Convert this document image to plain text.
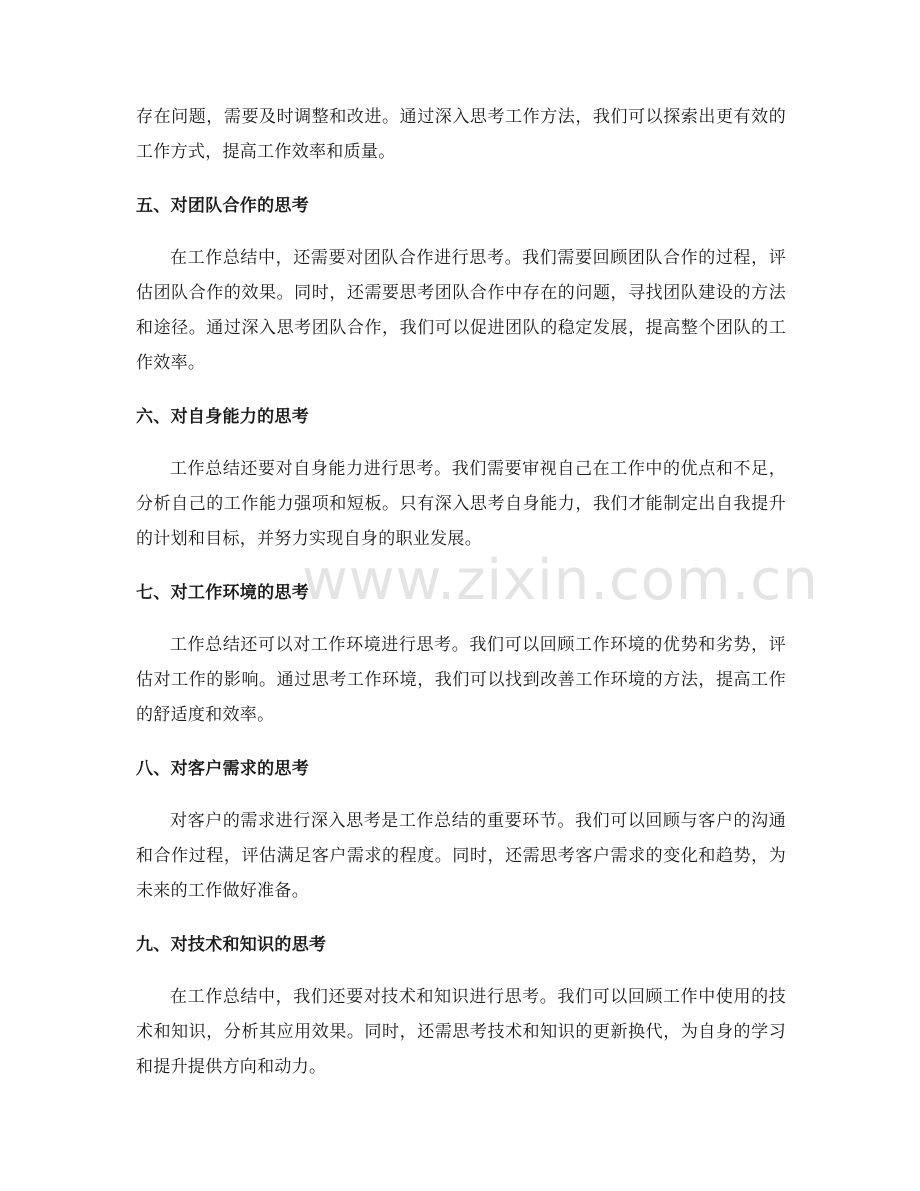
www.zixin.com.cn

存在问题，需要及时调整和改进。通过深入思考工作方法，我们可以探索出更有效的工作方式，提高工作效率和质量。

五、对团队合作的思考

在工作总结中，还需要对团队合作进行思考。我们需要回顾团队合作的过程，评估团队合作的效果。同时，还需要思考团队合作中存在的问题，寻找团队建设的方法和途径。通过深入思考团队合作，我们可以促进团队的稳定发展，提高整个团队的工作效率。

六、对自身能力的思考

工作总结还要对自身能力进行思考。我们需要审视自己在工作中的优点和不足，分析自己的工作能力强项和短板。只有深入思考自身能力，我们才能制定出自我提升的计划和目标，并努力实现自身的职业发展。

七、对工作环境的思考

工作总结还可以对工作环境进行思考。我们可以回顾工作环境的优势和劣势，评估对工作的影响。通过思考工作环境，我们可以找到改善工作环境的方法，提高工作的舒适度和效率。

八、对客户需求的思考

对客户的需求进行深入思考是工作总结的重要环节。我们可以回顾与客户的沟通和合作过程，评估满足客户需求的程度。同时，还需思考客户需求的变化和趋势，为未来的工作做好准备。

九、对技术和知识的思考

在工作总结中，我们还要对技术和知识进行思考。我们可以回顾工作中使用的技术和知识，分析其应用效果。同时，还需思考技术和知识的更新换代，为自身的学习和提升提供方向和动力。
